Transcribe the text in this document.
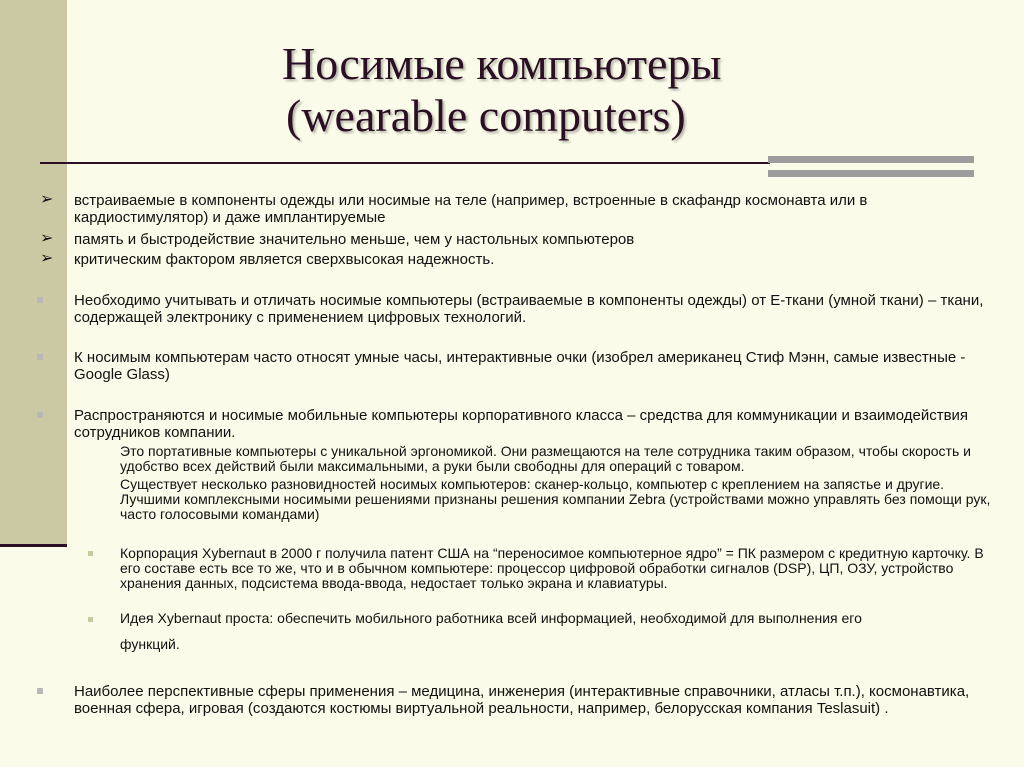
Носимые компьютеры
(wearable computers)
➢ встраиваемые в компоненты одежды или носимые на теле (например, встроенные в скафандр космонавта или в кардиостимулятор) и даже имплантируемые
➢ память и быстродействие значительно меньше, чем у настольных компьютеров
➢ критическим фактором является сверхвысокая надежность.
Необходимо учитывать и отличать носимые компьютеры (встраиваемые в компоненты одежды) от Е-ткани (умной ткани) – ткани, содержащей электронику с применением цифровых технологий.
К носимым компьютерам часто относят умные часы, интерактивные очки (изобрел американец Стиф Мэнн, самые известные - Google Glass)
Распространяются и носимые мобильные компьютеры корпоративного класса – средства для коммуникации и взаимодействия сотрудников компании.
Это портативные компьютеры с уникальной эргономикой. Они размещаются на теле сотрудника таким образом, чтобы скорость и удобство всех действий были максимальными, а руки были свободны для операций с товаром.
Существует несколько разновидностей носимых компьютеров: сканер-кольцо, компьютер с креплением на запястье и другие. Лучшими комплексными носимыми решениями признаны решения компании Zebra (устройствами можно управлять без помощи рук, часто голосовыми командами)
Корпорация Xybernaut в 2000 г получила патент США на “переносимое компьютерное ядро” = ПК размером с кредитную карточку. В его составе есть все то же, что и в обычном компьютере: процессор цифровой обработки сигналов (DSP), ЦП, ОЗУ, устройство хранения данных, подсистема ввода-ввода, недостает только экрана и клавиатуры.
Идея Xybernaut проста: обеспечить мобильного работника всей информацией, необходимой для выполнения его
функций.
Наиболее перспективные сферы применения – медицина, инженерия (интерактивные справочники, атласы т.п.), космонавтика, военная сфера, игровая (создаются костюмы виртуальной реальности, например, белорусская компания Teslasuit) .
